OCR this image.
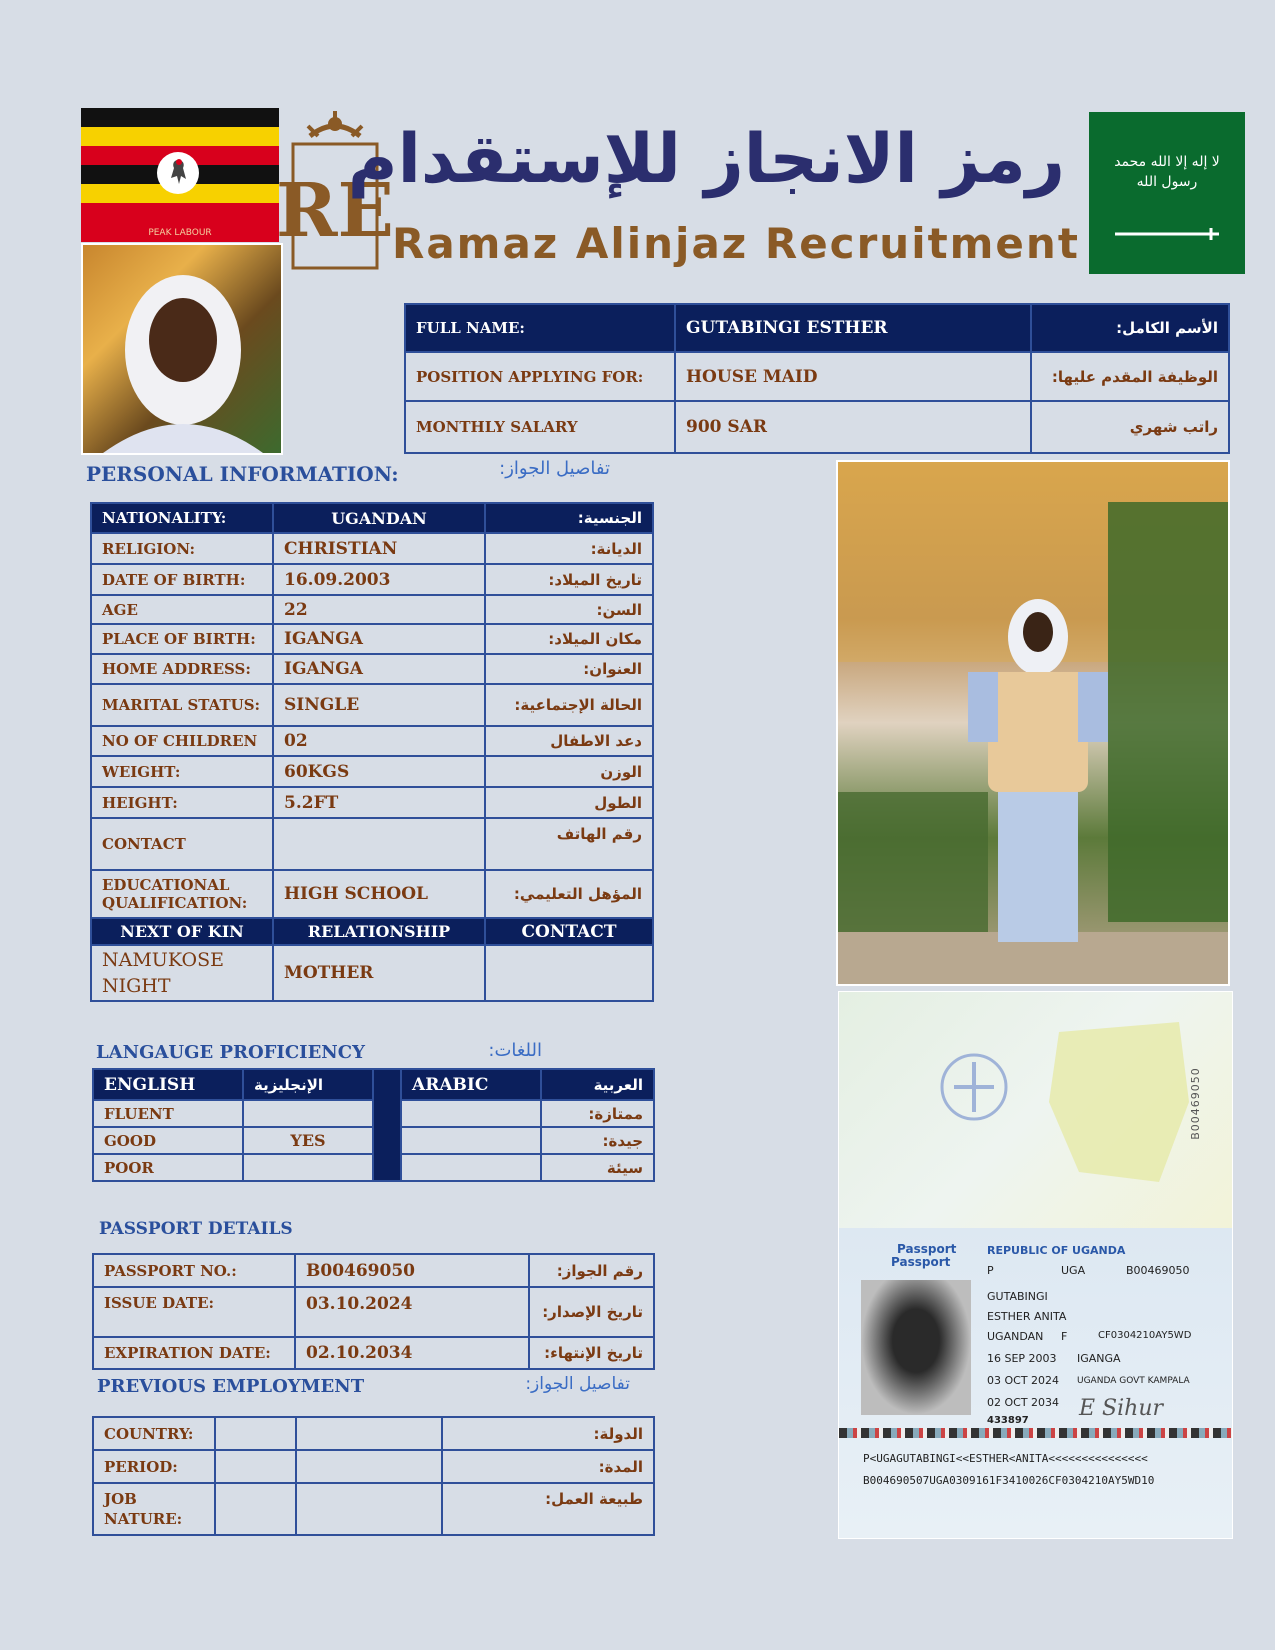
PEAK LABOUR RE
رمز الانجاز للإستقدام
Ramaz Alinjaz Recruitment
لا إله إلا الله محمد رسول الله
FULL NAME:	GUTABINGI ESTHER	الأسم الكامل:
POSITION APPLYING FOR:	HOUSE MAID	الوظيفة المقدم عليها:
MONTHLY SALARY	900 SAR	راتب شهري
PERSONAL INFORMATION:	تفاصيل الجواز:
NATIONALITY:	UGANDAN	الجنسية:
RELIGION:	CHRISTIAN	الديانة:
DATE OF BIRTH:	16.09.2003	تاريخ الميلاد:
AGE	22	السن:
PLACE OF BIRTH:	IGANGA	مكان الميلاد:
HOME ADDRESS:	IGANGA	العنوان:
MARITAL STATUS:	SINGLE	الحالة الإجتماعية:
NO OF CHILDREN	02	دعد الاطفال
WEIGHT:	60KGS	الوزن
HEIGHT:	5.2FT	الطول
CONTACT		رقم الهاتف
EDUCATIONAL QUALIFICATION:	HIGH SCHOOL	المؤهل التعليمي:
NEXT OF KIN	RELATIONSHIP	CONTACT
NAMUKOSE NIGHT	MOTHER	
LANGAUGE PROFICIENCY	اللغات:
ENGLISH	الإنجليزية		ARABIC	العربية
FLUENT				ممتازة:
GOOD	YES			جيدة:
POOR				سيئة
PASSPORT DETAILS
PASSPORT NO.:	B00469050	رقم الجواز:
ISSUE DATE:	03.10.2024	تاريخ الإصدار:
EXPIRATION DATE:	02.10.2034	تاريخ الإنتهاء:
PREVIOUS EMPLOYMENT	تفاصيل الجواز:
COUNTRY:			الدولة:
PERIOD:			المدة:
JOB NATURE:			طبيعة العمل:
B00469050
Passport
Passport
REPUBLIC OF UGANDA
P	UGA	B00469050
GUTABINGI
ESTHER ANITA
UGANDAN F	CF0304210AY5WD
16 SEP 2003 IGANGA
03 OCT 2024 UGANDA GOVT KAMPALA
02 OCT 2034
433897 E Sihur
P<UGAGUTABINGI<<ESTHER<ANITA<<<<<<<<<<<<<<<
B004690507UGA0309161F3410026CF0304210AY5WD10
